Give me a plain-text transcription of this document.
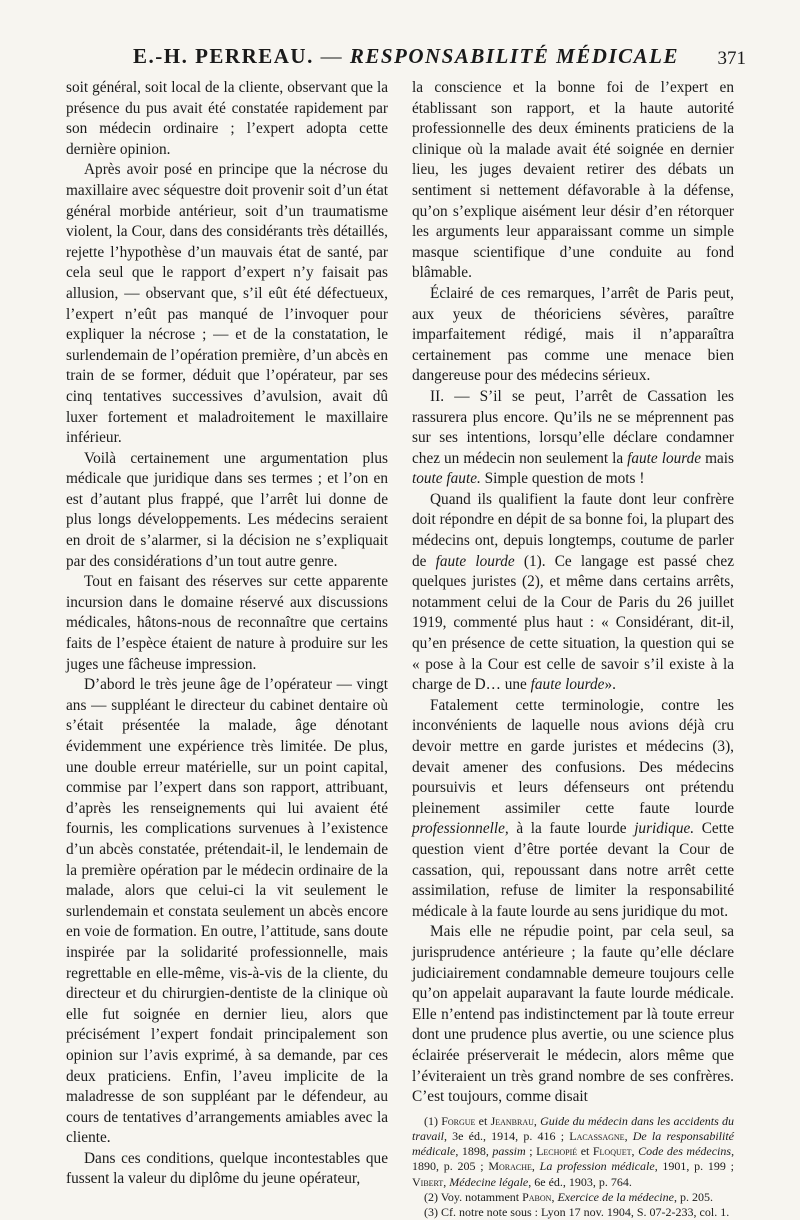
E.-H. PERREAU. — RESPONSABILITÉ MÉDICALE	371

soit général, soit local de la cliente, observant que la présence du pus avait été constatée rapidement par son médecin ordinaire ; l’expert adopta cette dernière opinion.

Après avoir posé en principe que la nécrose du maxillaire avec séquestre doit provenir soit d’un état général morbide antérieur, soit d’un traumatisme violent, la Cour, dans des considérants très détaillés, rejette l’hypothèse d’un mauvais état de santé, par cela seul que le rapport d’expert n’y faisait pas allusion, — observant que, s’il eût été défectueux, l’expert n’eût pas manqué de l’invoquer pour expliquer la nécrose ; — et de la constatation, le surlendemain de l’opération première, d’un abcès en train de se former, déduit que l’opérateur, par ses cinq tentatives successives d’avulsion, avait dû luxer fortement et maladroitement le maxillaire inférieur.

Voilà certainement une argumentation plus médicale que juridique dans ses termes ; et l’on en est d’autant plus frappé, que l’arrêt lui donne de plus longs développements. Les médecins seraient en droit de s’alarmer, si la décision ne s’expliquait par des considérations d’un tout autre genre.

Tout en faisant des réserves sur cette apparente incursion dans le domaine réservé aux discussions médicales, hâtons-nous de reconnaître que certains faits de l’espèce étaient de nature à produire sur les juges une fâcheuse impression.

D’abord le très jeune âge de l’opérateur — vingt ans — suppléant le directeur du cabinet dentaire où s’était présentée la malade, âge dénotant évidemment une expérience très limitée. De plus, une double erreur matérielle, sur un point capital, commise par l’expert dans son rapport, attribuant, d’après les renseignements qui lui avaient été fournis, les complications survenues à l’existence d’un abcès constatée, prétendait-il, le lendemain de la première opération par le médecin ordinaire de la malade, alors que celui-ci la vit seulement le surlendemain et constata seulement un abcès encore en voie de formation. En outre, l’attitude, sans doute inspirée par la solidarité professionnelle, mais regrettable en elle-même, vis-à-vis de la cliente, du directeur et du chirurgien-dentiste de la clinique où elle fut soignée en dernier lieu, alors que précisément l’expert fondait principalement son opinion sur l’avis exprimé, à sa demande, par ces deux praticiens. Enfin, l’aveu implicite de la maladresse de son suppléant par le défendeur, au cours de tentatives d’arrangements amiables avec la cliente.

Dans ces conditions, quelque incontestables que fussent la valeur du diplôme du jeune opérateur,

la conscience et la bonne foi de l’expert en établissant son rapport, et la haute autorité professionnelle des deux éminents praticiens de la clinique où la malade avait été soignée en dernier lieu, les juges devaient retirer des débats un sentiment si nettement défavorable à la défense, qu’on s’explique aisément leur désir d’en rétorquer les arguments leur apparaissant comme un simple masque scientifique d’une conduite au fond blâmable.

Éclairé de ces remarques, l’arrêt de Paris peut, aux yeux de théoriciens sévères, paraître imparfaitement rédigé, mais il n’apparaîtra certainement pas comme une menace bien dangereuse pour des médecins sérieux.

II. — S’il se peut, l’arrêt de Cassation les rassurera plus encore. Qu’ils ne se méprennent pas sur ses intentions, lorsqu’elle déclare condamner chez un médecin non seulement la faute lourde mais toute faute. Simple question de mots !

Quand ils qualifient la faute dont leur confrère doit répondre en dépit de sa bonne foi, la plupart des médecins ont, depuis longtemps, coutume de parler de faute lourde (1). Ce langage est passé chez quelques juristes (2), et même dans certains arrêts, notamment celui de la Cour de Paris du 26 juillet 1919, commenté plus haut : « Considérant, dit-il, qu’en présence de cette situation, la question qui se « pose à la Cour est celle de savoir s’il existe à la charge de D… une faute lourde».

Fatalement cette terminologie, contre les inconvénients de laquelle nous avions déjà cru devoir mettre en garde juristes et médecins (3), devait amener des confusions. Des médecins poursuivis et leurs défenseurs ont prétendu pleinement assimiler cette faute lourde professionnelle, à la faute lourde juridique. Cette question vient d’être portée devant la Cour de cassation, qui, repoussant dans notre arrêt cette assimilation, refuse de limiter la responsabilité médicale à la faute lourde au sens juridique du mot.

Mais elle ne répudie point, par cela seul, sa jurisprudence antérieure ; la faute qu’elle déclare judiciairement condamnable demeure toujours celle qu’on appelait auparavant la faute lourde médicale. Elle n’entend pas indistinctement par là toute erreur dont une prudence plus avertie, ou une science plus éclairée préserverait le médecin, alors même que l’éviteraient un très grand nombre de ses confrères. C’est toujours, comme disait

(1) Forgue et Jeanbrau, Guide du médecin dans les accidents du travail, 3e éd., 1914, p. 416 ; Lacassagne, De la responsabilité médicale, 1898, passim ; Lechopié et Floquet, Code des médecins, 1890, p. 205 ; Morache, La profession médicale, 1901, p. 199 ; Vibert, Médecine légale, 6e éd., 1903, p. 764.

(2) Voy. notamment Pabon, Exercice de la médecine, p. 205.

(3) Cf. notre note sous : Lyon 17 nov. 1904, S. 07-2-233, col. 1.
